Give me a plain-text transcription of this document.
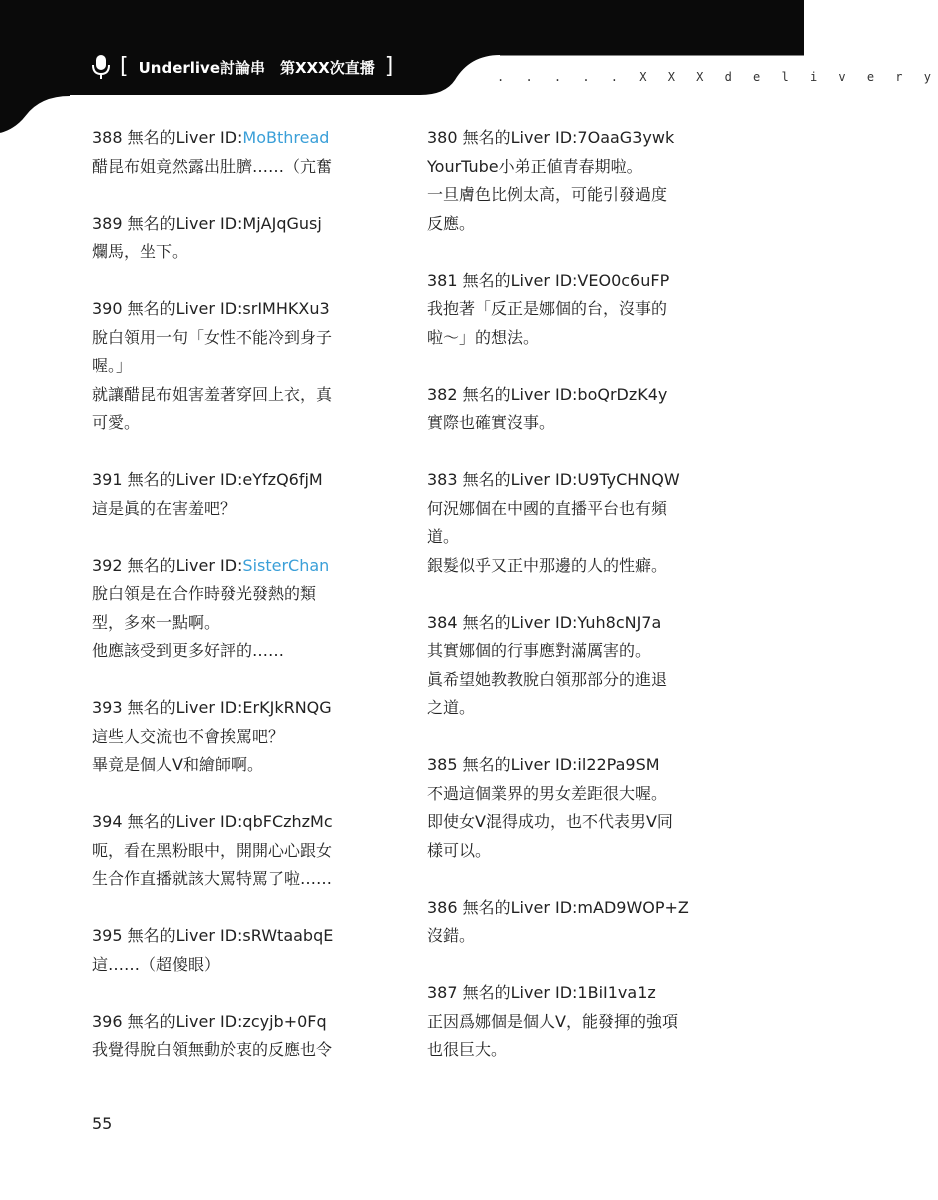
[ Underlive討論串　第XXX次直播 ]	. . . . . X X X d e l i v e r y
388 無名的Liver ID:MoBthread
醋昆布姐竟然露出肚臍……（亢奮
389 無名的Liver ID:MjAJqGusj
爛馬，坐下。
390 無名的Liver ID:srIMHKXu3
脫白領用一句「女性不能冷到身子
喔。」
就讓醋昆布姐害羞著穿回上衣，真
可愛。
391 無名的Liver ID:eYfzQ6fjM
這是眞的在害羞吧？
392 無名的Liver ID:SisterChan
脫白領是在合作時發光發熱的類
型，多來一點啊。
他應該受到更多好評的……
393 無名的Liver ID:ErKJkRNQG
這些人交流也不會挨罵吧？
畢竟是個人V和繪師啊。
394 無名的Liver ID:qbFCzhzMc
呃，看在黑粉眼中，開開心心跟女
生合作直播就該大罵特罵了啦……
395 無名的Liver ID:sRWtaabqE
這……（超傻眼）
396 無名的Liver ID:zcyjb+0Fq
我覺得脫白領無動於衷的反應也令
380 無名的Liver ID:7OaaG3ywk
YourTube小弟正値青春期啦。
一旦膚色比例太高，可能引發過度
反應。
381 無名的Liver ID:VEO0c6uFP
我抱著「反正是娜個的台，沒事的
啦～」的想法。
382 無名的Liver ID:boQrDzK4y
實際也確實沒事。
383 無名的Liver ID:U9TyCHNQW
何況娜個在中國的直播平台也有頻
道。
銀髮似乎又正中那邊的人的性癖。
384 無名的Liver ID:Yuh8cNJ7a
其實娜個的行事應對滿厲害的。
眞希望她教教脫白領那部分的進退
之道。
385 無名的Liver ID:il22Pa9SM
不過這個業界的男女差距很大喔。
即使女V混得成功，也不代表男V同
樣可以。
386 無名的Liver ID:mAD9WOP+Z
沒錯。
387 無名的Liver ID:1BiI1va1z
正因爲娜個是個人V，能發揮的強項
也很巨大。
55
